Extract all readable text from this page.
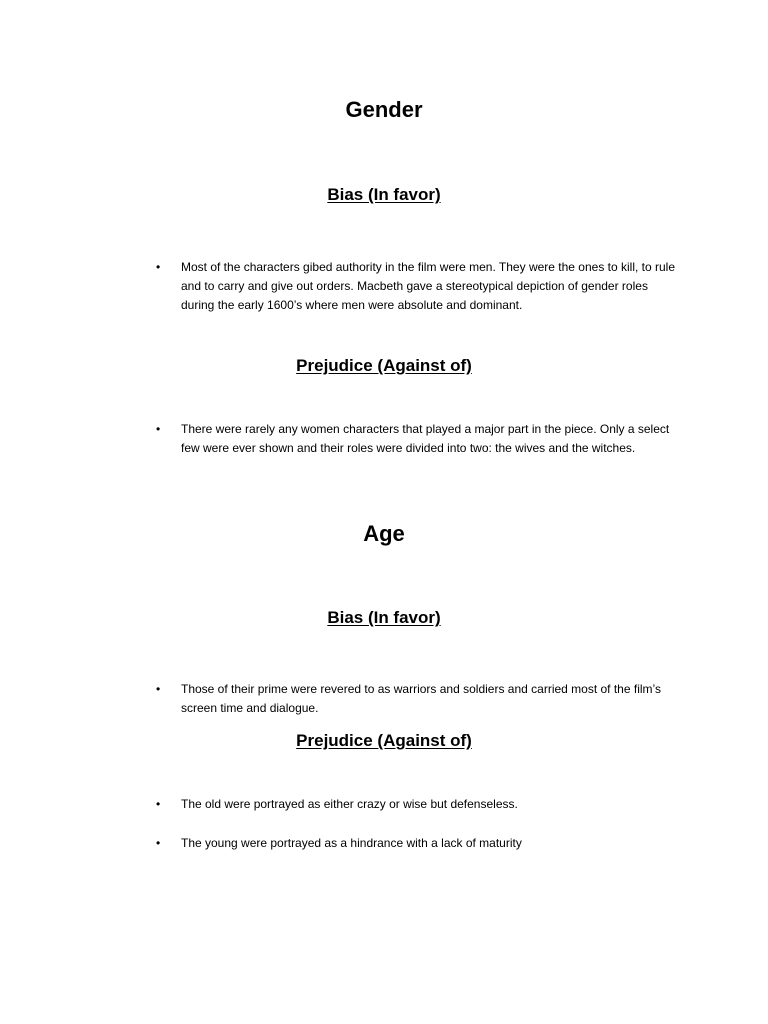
Gender
Bias (In favor)
•	Most of the characters gibed authority in the film were men. They were the ones to kill, to rule and to carry and give out orders. Macbeth gave a stereotypical depiction of gender roles during the early 1600’s where men were absolute and dominant.
Prejudice (Against of)
•	There were rarely any women characters that played a major part in the piece. Only a select few were ever shown and their roles were divided into two: the wives and the witches.
Age
Bias (In favor)
•	Those of their prime were revered to as warriors and soldiers and carried most of the film’s screen time and dialogue.
Prejudice (Against of)
•	The old were portrayed as either crazy or wise but defenseless.
•	The young were portrayed as a hindrance with a lack of maturity
